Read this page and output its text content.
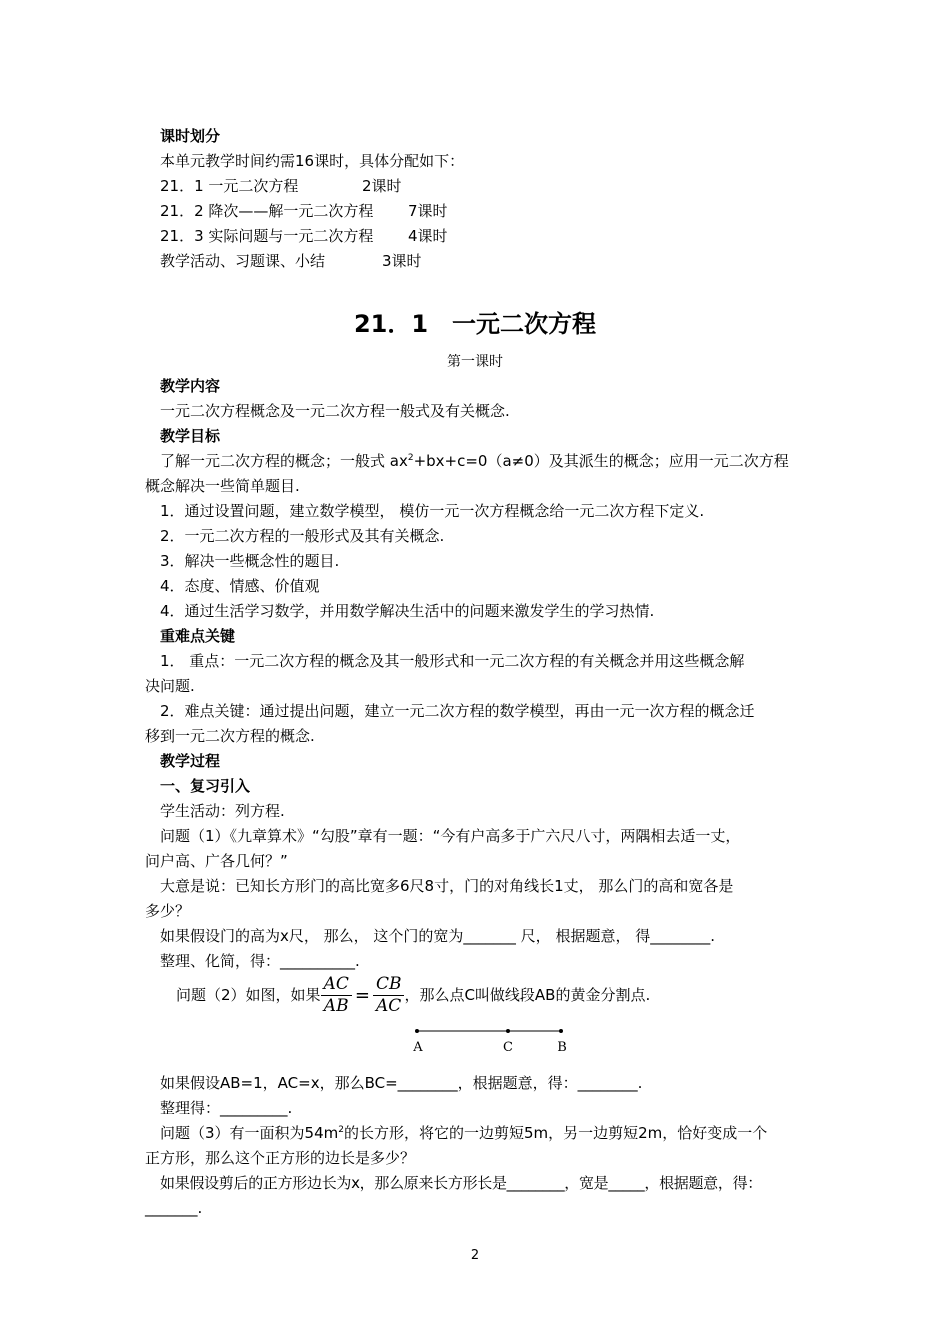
课时划分
本单元教学时间约需16课时，具体分配如下：
21．1 一元二次方程	2课时
21．2 降次——解一元二次方程 7课时
21．3 实际问题与一元二次方程 4课时
教学活动、习题课、小结	3课时
21．1　一元二次方程
第一课时
教学内容
一元二次方程概念及一元二次方程一般式及有关概念.
教学目标
了解一元二次方程的概念；一般式 $ax^2+bx+c=0(a\ne 0)$及其派生的概念；应用一元二次方程
概念解决一些简单题目.
1．通过设置问题，建立数学模型， 模仿一元一次方程概念给一元二次方程下定义.
2．一元二次方程的一般形式及其有关概念.
3．解决一些概念性的题目.
4．态度、情感、价值观
4．通过生活学习数学，并用数学解决生活中的问题来激发学生的学习热情.
重难点关键
1． 重点：一元二次方程的概念及其一般形式和一元二次方程的有关概念并用这些概念解
决问题.
2．难点关键：通过提出问题，建立一元二次方程的数学模型，再由一元一次方程的概念迁
移到一元二次方程的概念.
教学过程
一、复习引入
学生活动：列方程.
问题（1）《九章算术》“勾股”章有一题：“今有户高多于广六尺八寸，两隅相去适一丈，
问户高、广各几何？”
大意是说：已知长方形门的高比宽多6尺8寸，门的对角线长1丈， 那么门的高和宽各是
多少？
如果假设门的高为x尺， 那么， 这个门的宽为_______ 尺， 根据题意， 得________.
整理、化简，得：__________.
问题（2）如图，如果 $\frac{AC}{AB} = \frac{CB}{AC}$ ，那么点C叫做线段AB的黄金分割点.
A	C	B
如果假设AB=1，AC=x，那么BC=________，根据题意，得：________.
整理得：_________.
问题（3）有一面积为$54m^2$的长方形，将它的一边剪短5m，另一边剪短2m，恰好变成一个
正方形，那么这个正方形的边长是多少？
如果假设剪后的正方形边长为x，那么原来长方形长是________，宽是_____，根据题意，得：
_______.
2
